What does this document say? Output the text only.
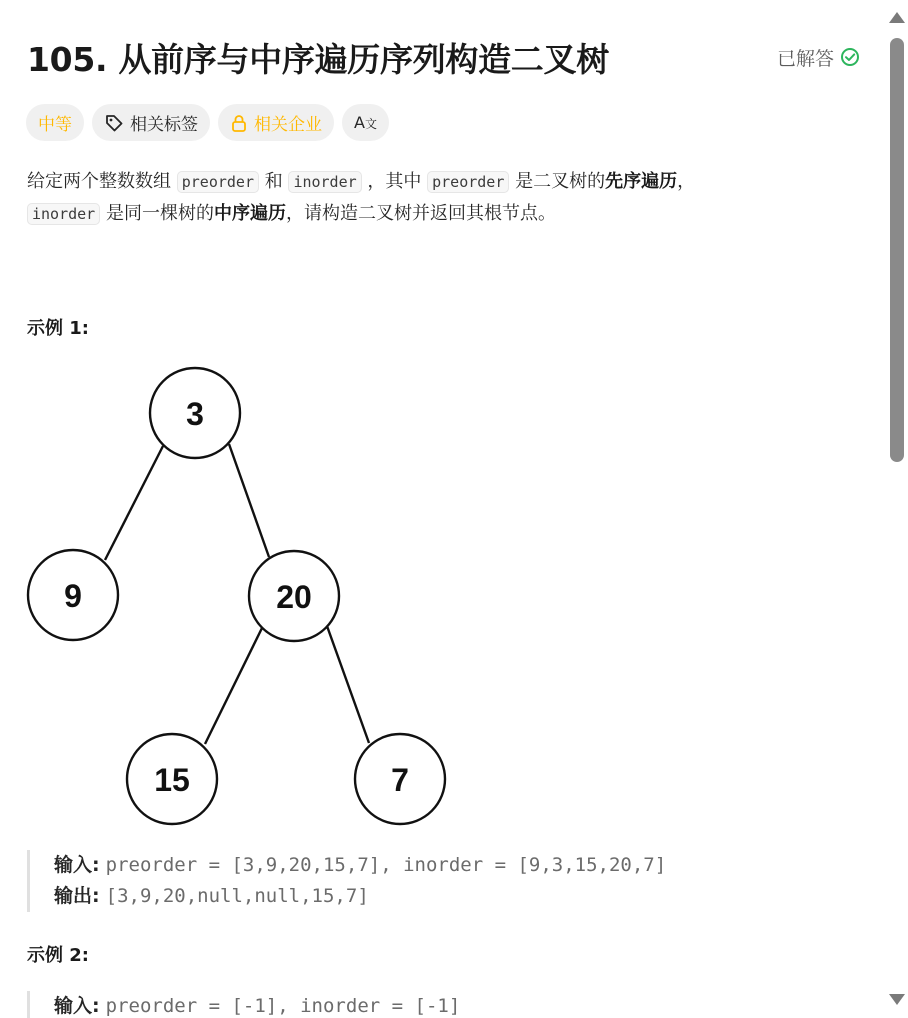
105. 从前序与中序遍历序列构造二叉树	已解答
中等	相关标签	相关企业 A文
给定两个整数数组 preorder 和 inorder ，其中 preorder 是二叉树的先序遍历，
inorder 是同一棵树的中序遍历，请构造二叉树并返回其根节点。
示例 1:
3
9	20
15	7
输入: preorder = [3,9,20,15,7], inorder = [9,3,15,20,7]
输出: [3,9,20,null,null,15,7]
示例 2:
输入: preorder = [-1], inorder = [-1]
